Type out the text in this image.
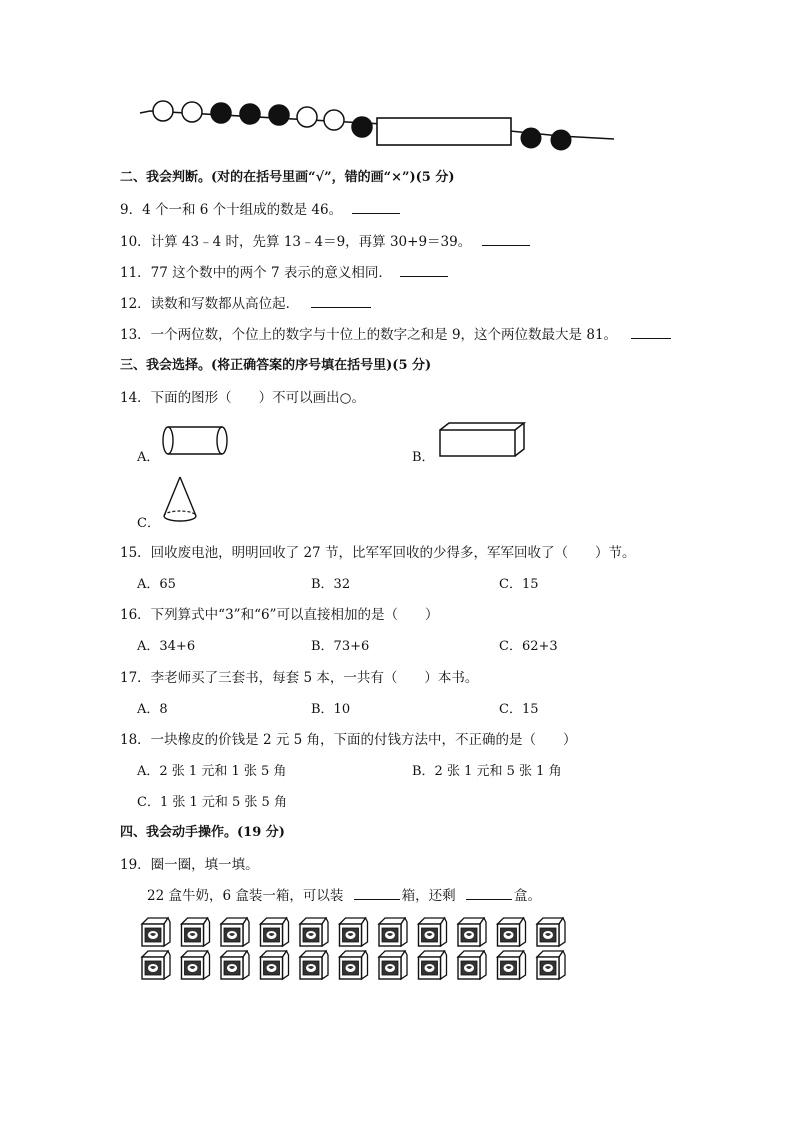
二、我会判断。(对的在括号里画“√”，错的画“×”)(5 分)
9．4 个一和 6 个十组成的数是 46。
10．计算 43﹣4 时，先算 13﹣4＝9，再算 30+9＝39。
11．77 这个数中的两个 7 表示的意义相同．
12．读数和写数都从高位起．
13．一个两位数，个位上的数字与十位上的数字之和是 9，这个两位数最大是 81。
三、我会选择。(将正确答案的序号填在括号里)(5 分)
14．下面的图形（　　）不可以画出○。
A．	B．
C．
15．回收废电池，明明回收了 27 节，比军军回收的少得多，军军回收了（　　）节。
A．65	B．32	C．15
16．下列算式中“3”和“6”可以直接相加的是（　　）
A．34+6	B．73+6	C．62+3
17．李老师买了三套书，每套 5 本，一共有（　　）本书。
A．8	B．10	C．15
18．一块橡皮的价钱是 2 元 5 角，下面的付钱方法中，不正确的是（　　）
A．2 张 1 元和 1 张 5 角	B．2 张 1 元和 5 张 1 角
C．1 张 1 元和 5 张 5 角
四、我会动手操作。(19 分)
19．圈一圈，填一填。
22 盒牛奶，6 盒装一箱，可以装	箱，还剩	盒。
